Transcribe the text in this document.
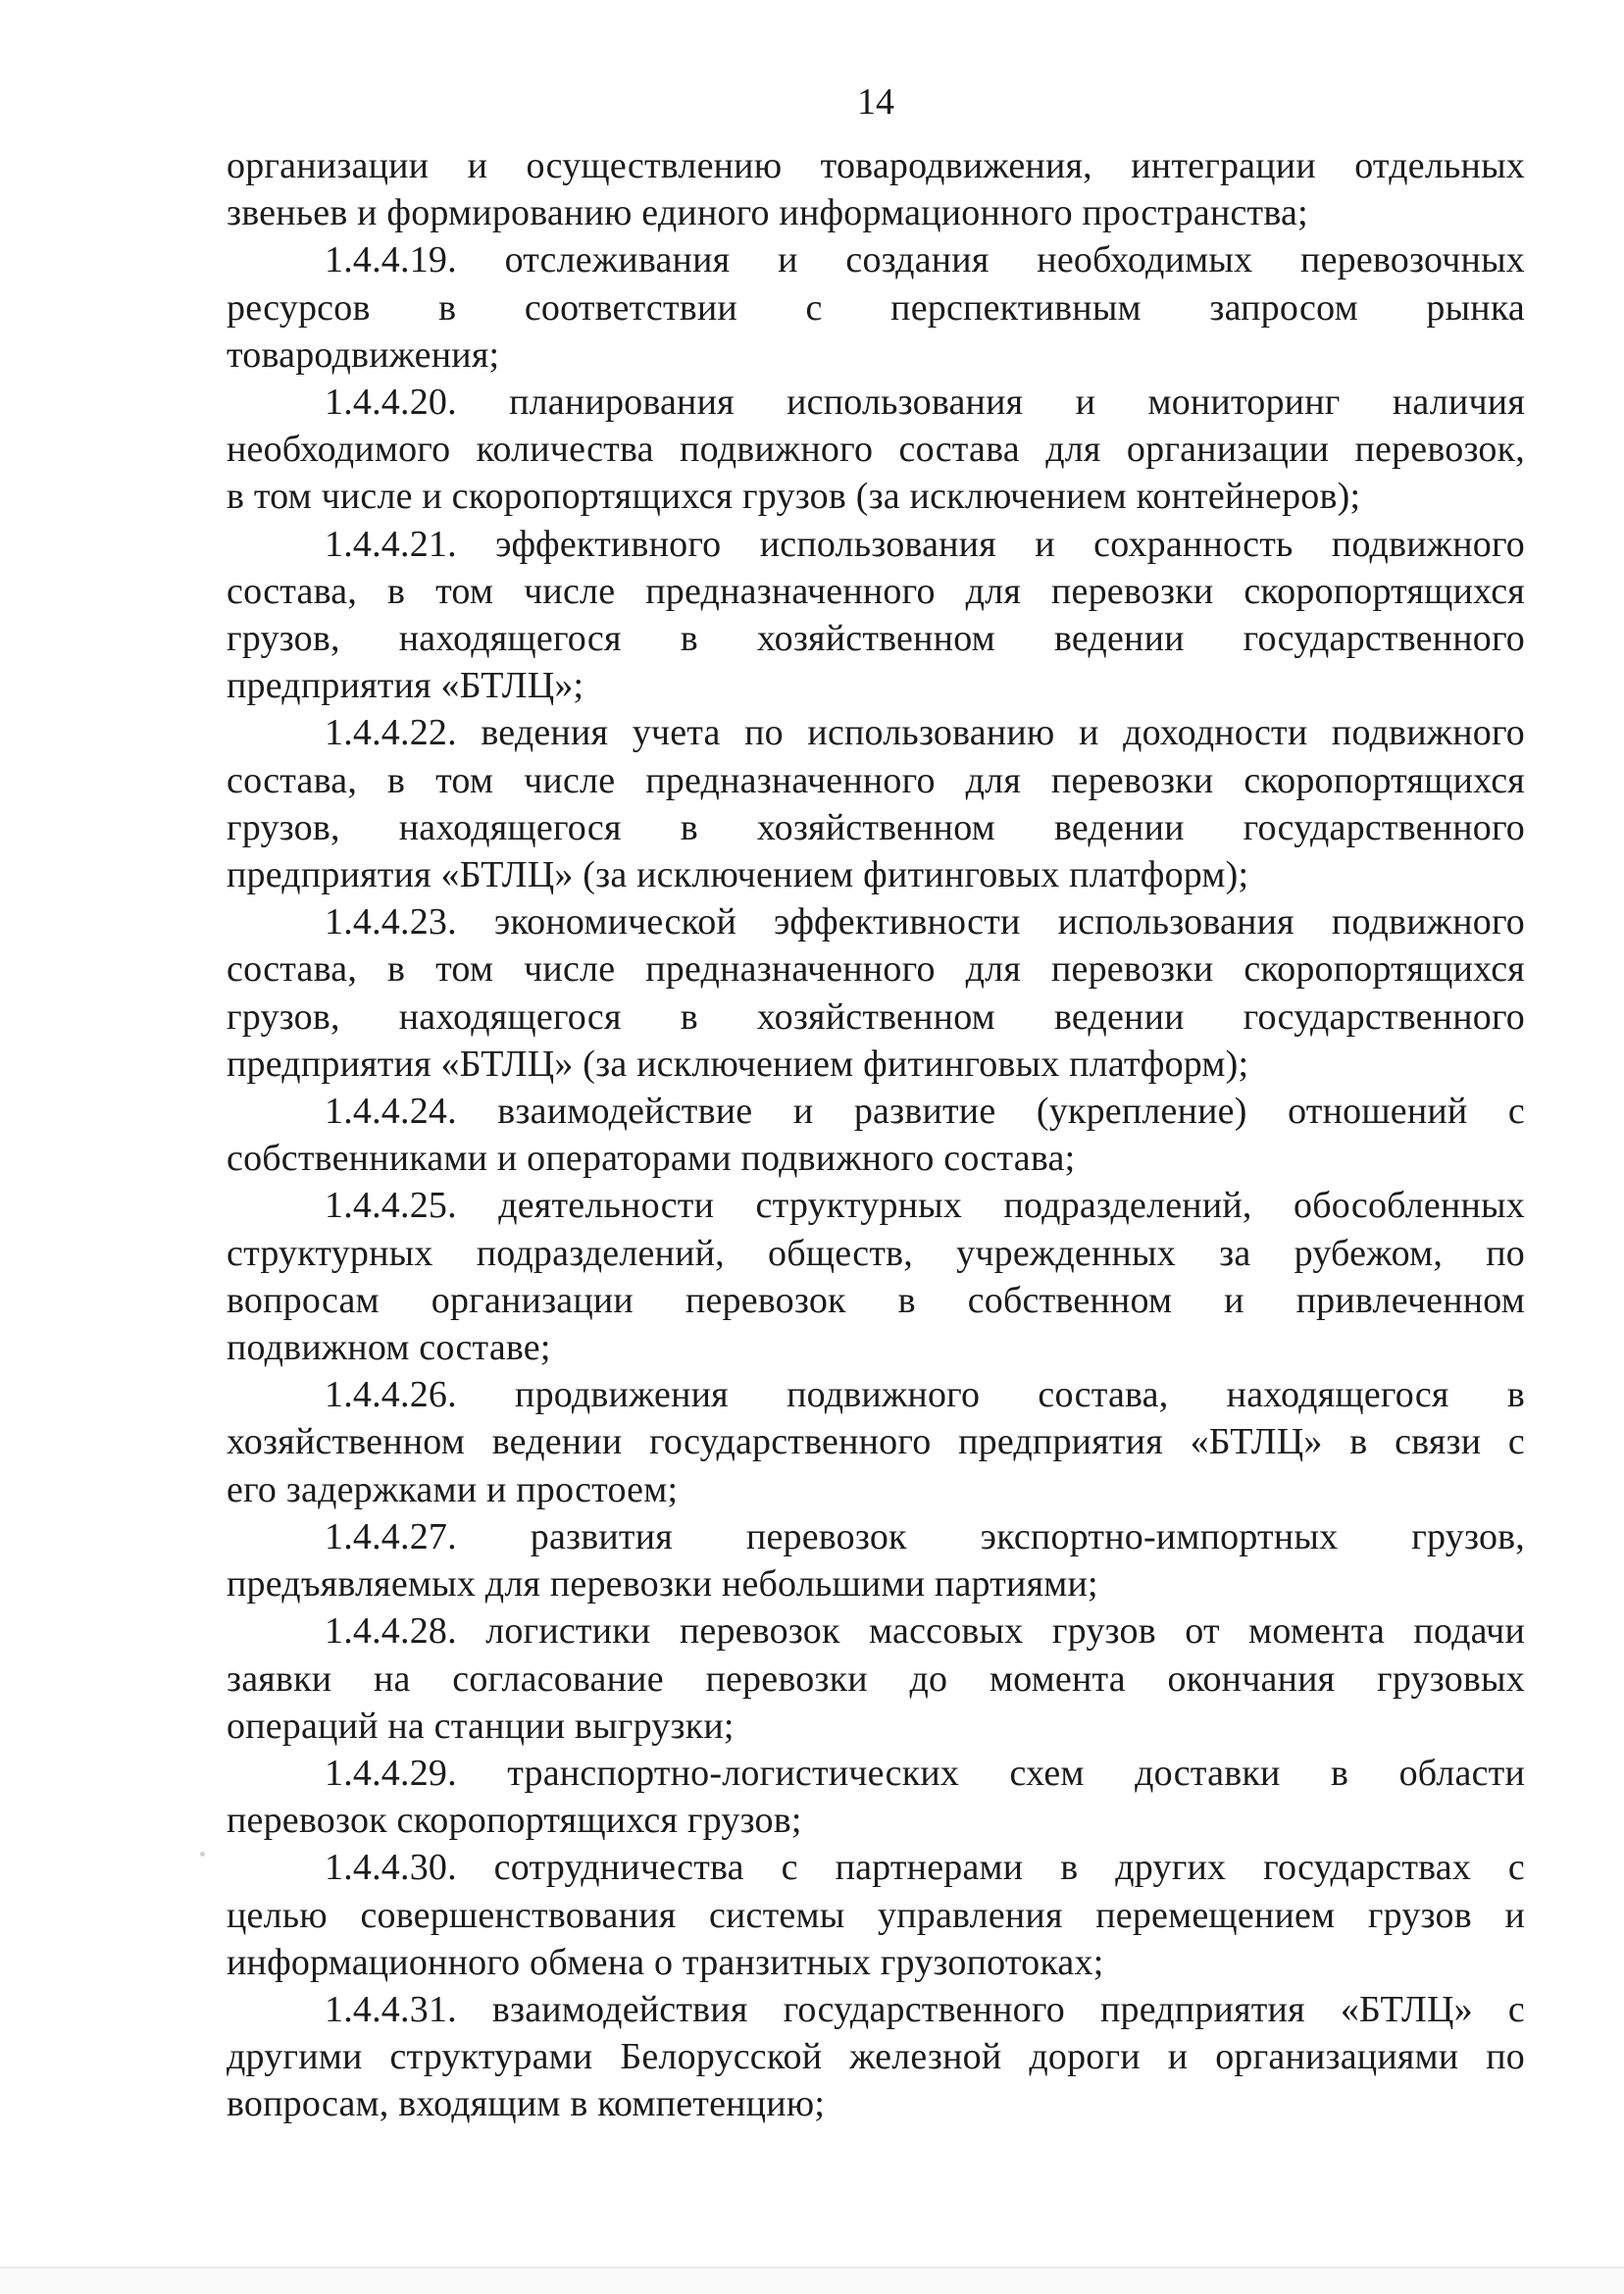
14
организации и осуществлению товародвижения, интеграции отдельных
звеньев и формированию единого информационного пространства;
1.4.4.19. отслеживания и создания необходимых перевозочных
ресурсов в соответствии с перспективным запросом рынка
товародвижения;
1.4.4.20. планирования использования и мониторинг наличия
необходимого количества подвижного состава для организации перевозок,
в том числе и скоропортящихся грузов (за исключением контейнеров);
1.4.4.21. эффективного использования и сохранность подвижного
состава, в том числе предназначенного для перевозки скоропортящихся
грузов, находящегося в хозяйственном ведении государственного
предприятия «БТЛЦ»;
1.4.4.22. ведения учета по использованию и доходности подвижного
состава, в том числе предназначенного для перевозки скоропортящихся
грузов, находящегося в хозяйственном ведении государственного
предприятия «БТЛЦ» (за исключением фитинговых платформ);
1.4.4.23. экономической эффективности использования подвижного
состава, в том числе предназначенного для перевозки скоропортящихся
грузов, находящегося в хозяйственном ведении государственного
предприятия «БТЛЦ» (за исключением фитинговых платформ);
1.4.4.24. взаимодействие и развитие (укрепление) отношений с
собственниками и операторами подвижного состава;
1.4.4.25. деятельности структурных подразделений, обособленных
структурных подразделений, обществ, учрежденных за рубежом, по
вопросам организации перевозок в собственном и привлеченном
подвижном составе;
1.4.4.26. продвижения подвижного состава, находящегося в
хозяйственном ведении государственного предприятия «БТЛЦ» в связи с
его задержками и простоем;
1.4.4.27. развития перевозок экспортно-импортных грузов,
предъявляемых для перевозки небольшими партиями;
1.4.4.28. логистики перевозок массовых грузов от момента подачи
заявки на согласование перевозки до момента окончания грузовых
операций на станции выгрузки;
1.4.4.29. транспортно-логистических схем доставки в области
перевозок скоропортящихся грузов;
1.4.4.30. сотрудничества с партнерами в других государствах с
целью совершенствования системы управления перемещением грузов и
информационного обмена о транзитных грузопотоках;
1.4.4.31. взаимодействия государственного предприятия «БТЛЦ» с
другими структурами Белорусской железной дороги и организациями по
вопросам, входящим в компетенцию;
